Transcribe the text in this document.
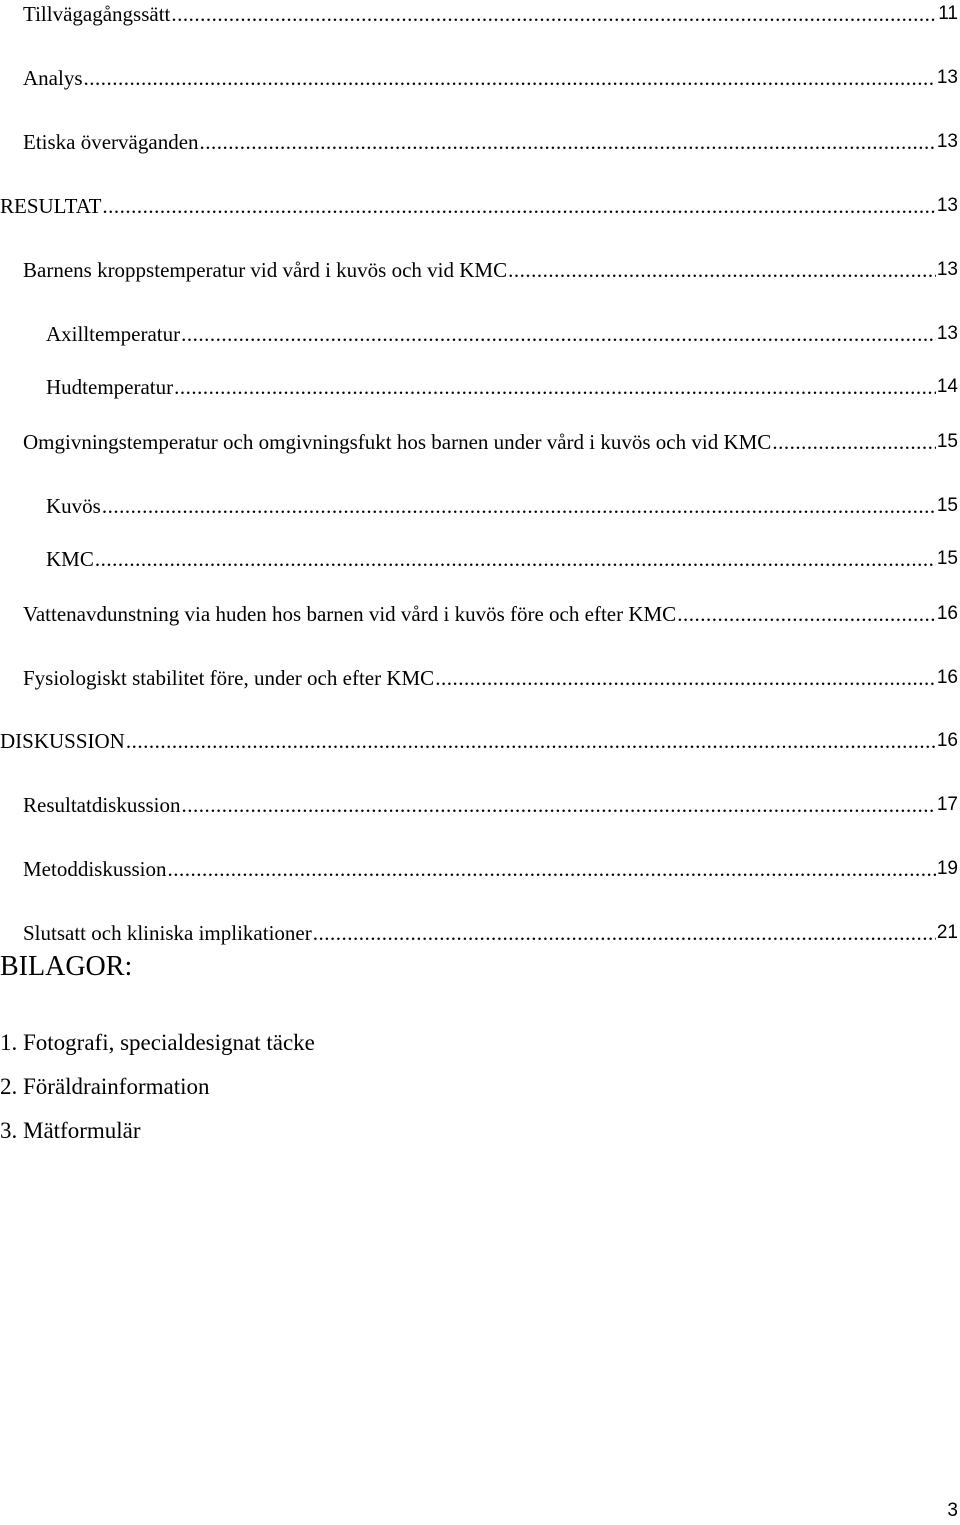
Tillvägagångssätt .....	11
Analys .....	13
Etiska överväganden .....	13
RESULTAT .....	13
Barnens kroppstemperatur vid vård i kuvös och vid KMC .....	13
Axilltemperatur .....	13
Hudtemperatur .....	14
Omgivningstemperatur och omgivningsfukt hos barnen under vård i kuvös och vid KMC .....	15
Kuvös .....	15
KMC .....	15
Vattenavdunstning via huden hos barnen vid vård i kuvös före och efter KMC .....	16
Fysiologiskt stabilitet före, under och efter KMC .....	16
DISKUSSION .....	16
Resultatdiskussion .....	17
Metoddiskussion .....	19
Slutsatt och kliniska implikationer .....	21
BILAGOR:
1. Fotografi, specialdesignat täcke
2. Föräldrainformation
3. Mätformulär
3
